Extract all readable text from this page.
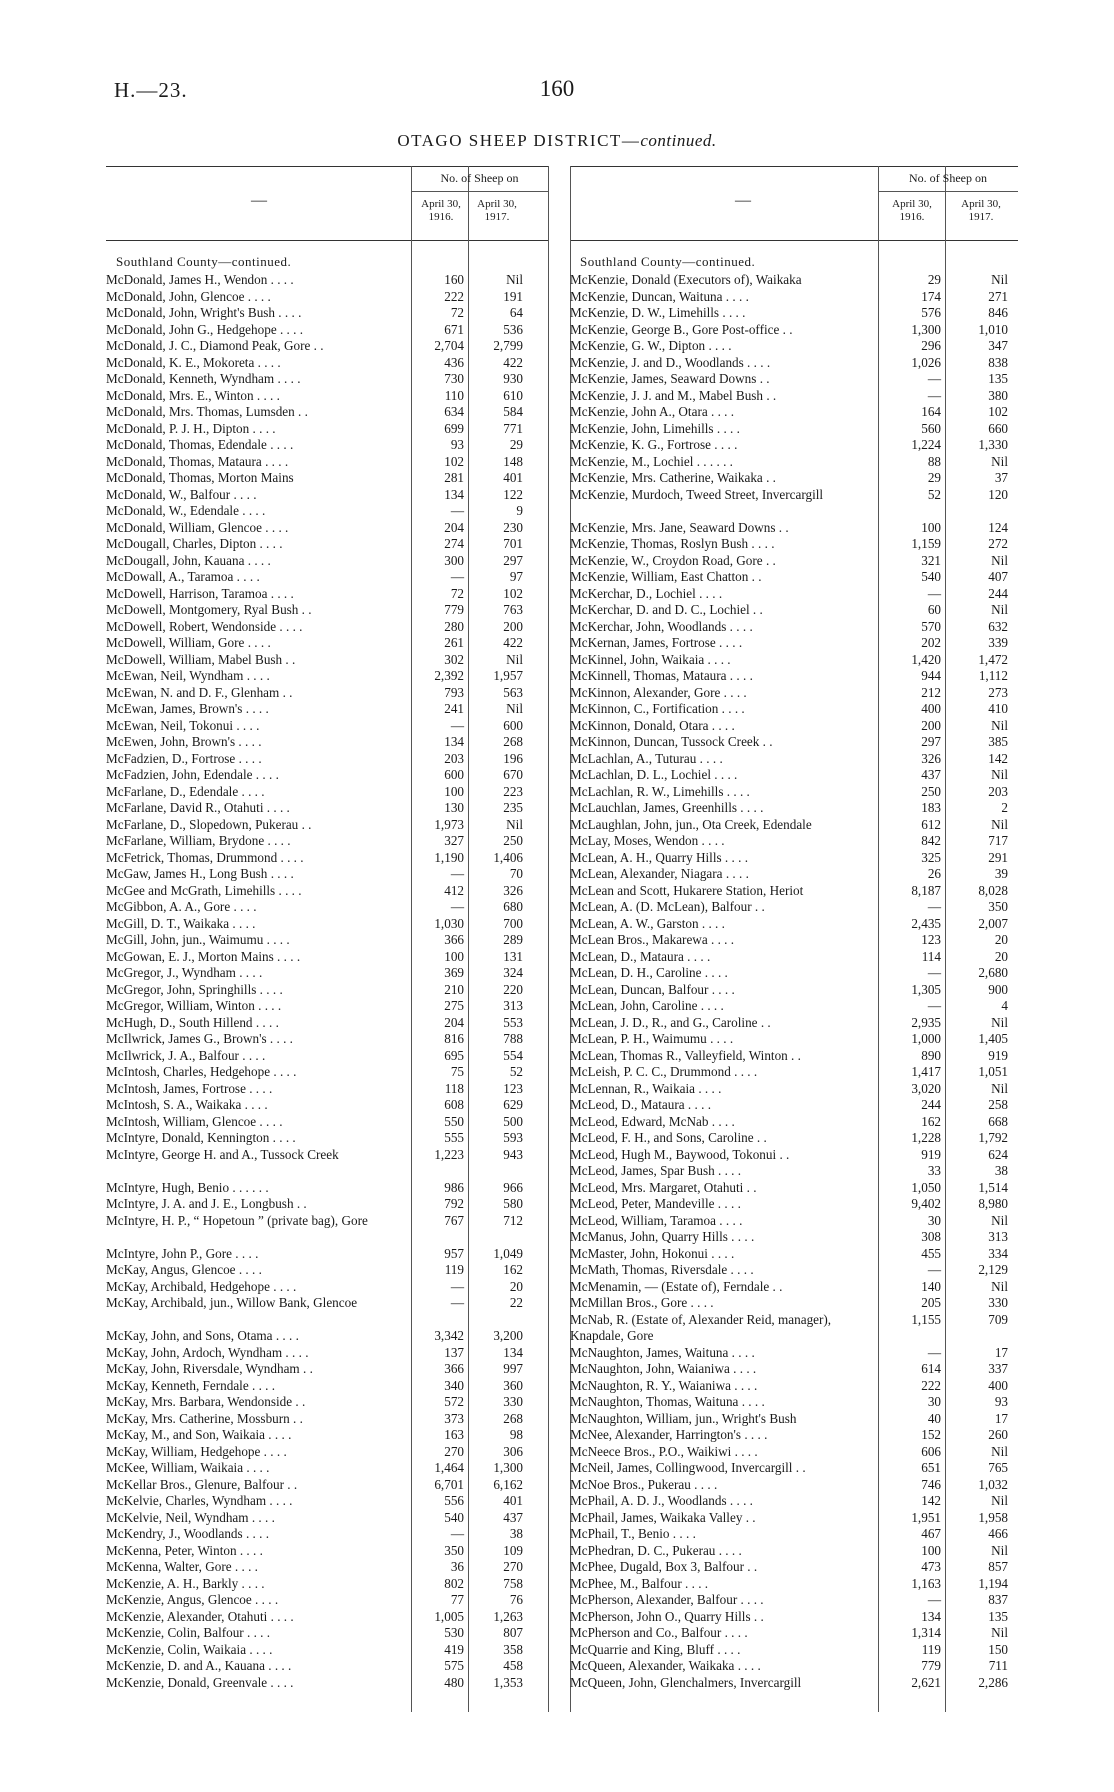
H.—23.	160
OTAGO SHEEP DISTRICT—continued.
—
No. of Sheep on
April 30, 1916.
April 30, 1917.
Southland County—continued.
McDonald, James H., Wendon . . . .	160	Nil
McDonald, John, Glencoe . . . .	222	191
McDonald, John, Wright's Bush . . . .	72	64
McDonald, John G., Hedgehope . . . .	671	536
McDonald, J. C., Diamond Peak, Gore . .	2,704 2,799
McDonald, K. E., Mokoreta . . . .	436	422
McDonald, Kenneth, Wyndham . . . .	730	930
McDonald, Mrs. E., Winton . . . .	110	610
McDonald, Mrs. Thomas, Lumsden . .	634	584
McDonald, P. J. H., Dipton . . . .	699	771
McDonald, Thomas, Edendale . . . .	93	29
McDonald, Thomas, Mataura . . . .	102	148
McDonald, Thomas, Morton Mains	281	401
McDonald, W., Balfour . . . .	134	122
McDonald, W., Edendale . . . .	—	9
McDonald, William, Glencoe . . . .	204	230
McDougall, Charles, Dipton . . . .	274	701
McDougall, John, Kauana . . . .	300	297
McDowall, A., Taramoa . . . .	—	97
McDowell, Harrison, Taramoa . . . .	72	102
McDowell, Montgomery, Ryal Bush . .	779	763
McDowell, Robert, Wendonside . . . .	280	200
McDowell, William, Gore . . . .	261	422
McDowell, William, Mabel Bush . .	302	Nil
McEwan, Neil, Wyndham . . . .	2,392 1,957
McEwan, N. and D. F., Glenham . .	793	563
McEwan, James, Brown's . . . .	241	Nil
McEwan, Neil, Tokonui . . . .	—	600
McEwen, John, Brown's . . . .	134	268
McFadzien, D., Fortrose . . . .	203	196
McFadzien, John, Edendale . . . .	600	670
McFarlane, D., Edendale . . . .	100	223
McFarlane, David R., Otahuti . . . .	130	235
McFarlane, D., Slopedown, Pukerau . .	1,973	Nil
McFarlane, William, Brydone . . . .	327	250
McFetrick, Thomas, Drummond . . . .	1,190 1,406
McGaw, James H., Long Bush . . . .	—	70
McGee and McGrath, Limehills . . . .	412	326
McGibbon, A. A., Gore . . . .	—	680
McGill, D. T., Waikaka . . . .	1,030	700
McGill, John, jun., Waimumu . . . .	366	289
McGowan, E. J., Morton Mains . . . .	100	131
McGregor, J., Wyndham . . . .	369	324
McGregor, John, Springhills . . . .	210	220
McGregor, William, Winton . . . .	275	313
McHugh, D., South Hillend . . . .	204	553
McIlwrick, James G., Brown's . . . .	816	788
McIlwrick, J. A., Balfour . . . .	695	554
McIntosh, Charles, Hedgehope . . . .	75	52
McIntosh, James, Fortrose . . . .	118	123
McIntosh, S. A., Waikaka . . . .	608	629
McIntosh, William, Glencoe . . . .	550	500
McIntyre, Donald, Kennington . . . .	555	593
McIntyre, George H. and A., Tussock Creek	1,223	943
McIntyre, Hugh, Benio . . . . . .	986	966
McIntyre, J. A. and J. E., Longbush . .	792	580
McIntyre, H. P., “ Hopetoun ” (private bag), Gore	767	712
McIntyre, John P., Gore . . . .	957 1,049
McKay, Angus, Glencoe . . . .	119	162
McKay, Archibald, Hedgehope . . . .	—	20
McKay, Archibald, jun., Willow Bank, Glencoe	—	22
McKay, John, and Sons, Otama . . . .	3,342 3,200
McKay, John, Ardoch, Wyndham . . . .	137	134
McKay, John, Riversdale, Wyndham . .	366	997
McKay, Kenneth, Ferndale . . . .	340	360
McKay, Mrs. Barbara, Wendonside . .	572	330
McKay, Mrs. Catherine, Mossburn . .	373	268
McKay, M., and Son, Waikaia . . . .	163	98
McKay, William, Hedgehope . . . .	270	306
McKee, William, Waikaia . . . .	1,464 1,300
McKellar Bros., Glenure, Balfour . .	6,701 6,162
McKelvie, Charles, Wyndham . . . .	556	401
McKelvie, Neil, Wyndham . . . .	540	437
McKendry, J., Woodlands . . . .	—	38
McKenna, Peter, Winton . . . .	350	109
McKenna, Walter, Gore . . . .	36	270
McKenzie, A. H., Barkly . . . .	802	758
McKenzie, Angus, Glencoe . . . .	77	76
McKenzie, Alexander, Otahuti . . . .	1,005 1,263
McKenzie, Colin, Balfour . . . .	530	807
McKenzie, Colin, Waikaia . . . .	419	358
McKenzie, D. and A., Kauana . . . .	575	458
McKenzie, Donald, Greenvale . . . .	480 1,353
—
No. of Sheep on
April 30, 1916.
April 30, 1917.
Southland County—continued.
McKenzie, Donald (Executors of), Waikaka	29	Nil
McKenzie, Duncan, Waituna . . . .	174	271
McKenzie, D. W., Limehills . . . .	576	846
McKenzie, George B., Gore Post-office . .	1,300	1,010
McKenzie, G. W., Dipton . . . .	296	347
McKenzie, J. and D., Woodlands . . . .	1,026	838
McKenzie, James, Seaward Downs . .	—	135
McKenzie, J. J. and M., Mabel Bush . .	—	380
McKenzie, John A., Otara . . . .	164	102
McKenzie, John, Limehills . . . .	560	660
McKenzie, K. G., Fortrose . . . .	1,224	1,330
McKenzie, M., Lochiel . . . . . .	88	Nil
McKenzie, Mrs. Catherine, Waikaka . .	29	37
McKenzie, Murdoch, Tweed Street, Invercargill	52	120
McKenzie, Mrs. Jane, Seaward Downs . .	100	124
McKenzie, Thomas, Roslyn Bush . . . .	1,159	272
McKenzie, W., Croydon Road, Gore . .	321	Nil
McKenzie, William, East Chatton . .	540	407
McKerchar, D., Lochiel . . . .	—	244
McKerchar, D. and D. C., Lochiel . .	60	Nil
McKerchar, John, Woodlands . . . .	570	632
McKernan, James, Fortrose . . . .	202	339
McKinnel, John, Waikaia . . . .	1,420	1,472
McKinnell, Thomas, Mataura . . . .	944	1,112
McKinnon, Alexander, Gore . . . .	212	273
McKinnon, C., Fortification . . . .	400	410
McKinnon, Donald, Otara . . . .	200	Nil
McKinnon, Duncan, Tussock Creek . .	297	385
McLachlan, A., Tuturau . . . .	326	142
McLachlan, D. L., Lochiel . . . .	437	Nil
McLachlan, R. W., Limehills . . . .	250	203
McLauchlan, James, Greenhills . . . .	183	2
McLaughlan, John, jun., Ota Creek, Edendale	612	Nil
McLay, Moses, Wendon . . . .	842	717
McLean, A. H., Quarry Hills . . . .	325	291
McLean, Alexander, Niagara . . . .	26	39
McLean and Scott, Hukarere Station, Heriot	8,187	8,028
McLean, A. (D. McLean), Balfour . .	—	350
McLean, A. W., Garston . . . .	2,435	2,007
McLean Bros., Makarewa . . . .	123	20
McLean, D., Mataura . . . .	114	20
McLean, D. H., Caroline . . . .	—	2,680
McLean, Duncan, Balfour . . . .	1,305	900
McLean, John, Caroline . . . .	—	4
McLean, J. D., R., and G., Caroline . .	2,935	Nil
McLean, P. H., Waimumu . . . .	1,000	1,405
McLean, Thomas R., Valleyfield, Winton . .	890	919
McLeish, P. C. C., Drummond . . . .	1,417	1,051
McLennan, R., Waikaia . . . .	3,020	Nil
McLeod, D., Mataura . . . .	244	258
McLeod, Edward, McNab . . . .	162	668
McLeod, F. H., and Sons, Caroline . .	1,228	1,792
McLeod, Hugh M., Baywood, Tokonui . .	919	624
McLeod, James, Spar Bush . . . .	33	38
McLeod, Mrs. Margaret, Otahuti . .	1,050	1,514
McLeod, Peter, Mandeville . . . .	9,402	8,980
McLeod, William, Taramoa . . . .	30	Nil
McManus, John, Quarry Hills . . . .	308	313
McMaster, John, Hokonui . . . .	455	334
McMath, Thomas, Riversdale . . . .	—	2,129
McMenamin, — (Estate of), Ferndale . .	140	Nil
McMillan Bros., Gore . . . .	205	330
McNab, R. (Estate of, Alexander Reid, manager), Knapdale, Gore
1,155	709
McNaughton, James, Waituna . . . .	—	17
McNaughton, John, Waianiwa . . . .	614	337
McNaughton, R. Y., Waianiwa . . . .	222	400
McNaughton, Thomas, Waituna . . . .	30	93
McNaughton, William, jun., Wright's Bush	40	17
McNee, Alexander, Harrington's . . . .	152	260
McNeece Bros., P.O., Waikiwi . . . .	606	Nil
McNeil, James, Collingwood, Invercargill . .	651	765
McNoe Bros., Pukerau . . . .	746	1,032
McPhail, A. D. J., Woodlands . . . .	142	Nil
McPhail, James, Waikaka Valley . .	1,951	1,958
McPhail, T., Benio . . . .	467	466
McPhedran, D. C., Pukerau . . . .	100	Nil
McPhee, Dugald, Box 3, Balfour . .	473	857
McPhee, M., Balfour . . . .	1,163	1,194
McPherson, Alexander, Balfour . . . .	—	837
McPherson, John O., Quarry Hills . .	134	135
McPherson and Co., Balfour . . . .	1,314	Nil
McQuarrie and King, Bluff . . . .	119	150
McQueen, Alexander, Waikaka . . . .	779	711
McQueen, John, Glenchalmers, Invercargill	2,621	2,286
